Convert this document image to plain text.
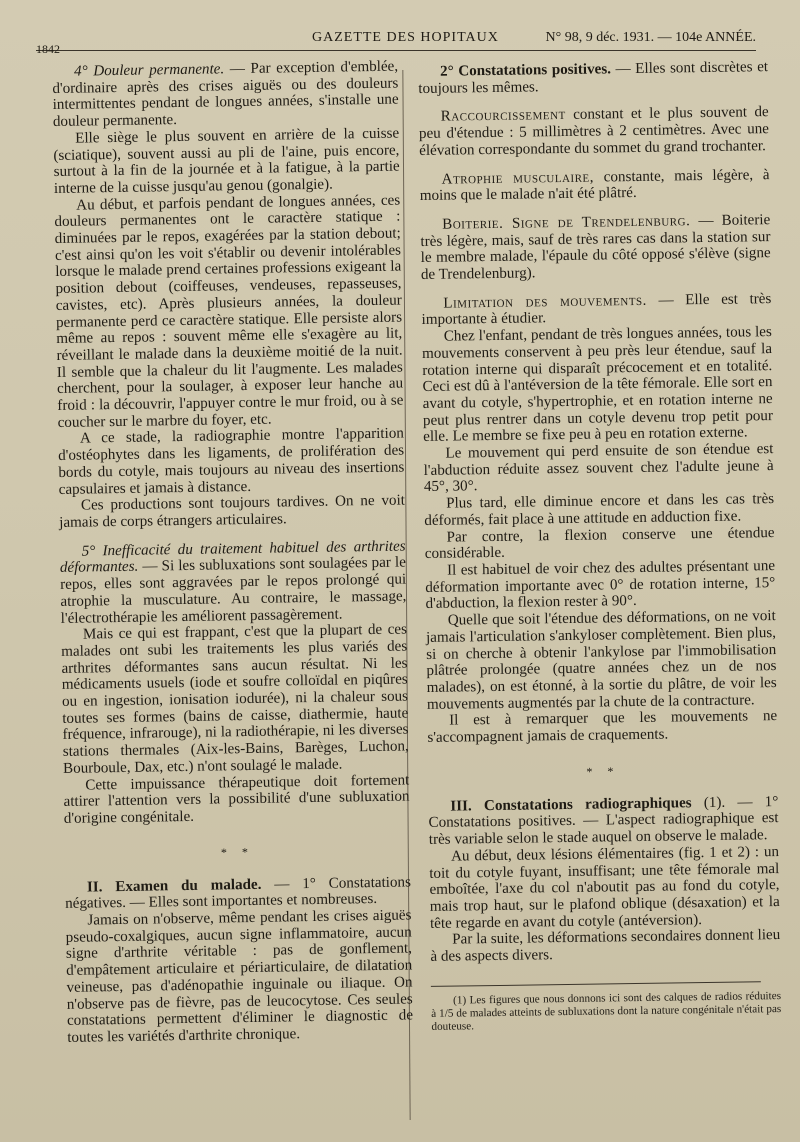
1842
GAZETTE DES HOPITAUX	N° 98, 9 déc. 1931. — 104e ANNÉE.

4° Douleur permanente. — Par exception d'emblée, d'ordinaire après des crises aiguës ou des douleurs intermittentes pendant de longues années, s'installe une douleur permanente.

Elle siège le plus souvent en arrière de la cuisse (sciatique), souvent aussi au pli de l'aine, puis encore, surtout à la fin de la journée et à la fatigue, à la partie interne de la cuisse jusqu'au genou (gonalgie).

Au début, et parfois pendant de longues années, ces douleurs permanentes ont le caractère statique : diminuées par le repos, exagérées par la station debout; c'est ainsi qu'on les voit s'établir ou devenir intolérables lorsque le malade prend certaines professions exigeant la position debout (coiffeuses, vendeuses, repasseuses, cavistes, etc). Après plusieurs années, la douleur permanente perd ce caractère statique. Elle persiste alors même au repos : souvent même elle s'exagère au lit, réveillant le malade dans la deuxième moitié de la nuit. Il semble que la chaleur du lit l'augmente. Les malades cherchent, pour la soulager, à exposer leur hanche au froid : la découvrir, l'appuyer contre le mur froid, ou à se coucher sur le marbre du foyer, etc.

A ce stade, la radiographie montre l'apparition d'ostéophytes dans les ligaments, de prolifération des bords du cotyle, mais toujours au niveau des insertions capsulaires et jamais à distance.

Ces productions sont toujours tardives. On ne voit jamais de corps étrangers articulaires.

5° Inefficacité du traitement habituel des arthrites déformantes. — Si les subluxations sont soulagées par le repos, elles sont aggravées par le repos prolongé qui atrophie la musculature. Au contraire, le massage, l'électrothérapie les améliorent passagèrement.

Mais ce qui est frappant, c'est que la plupart de ces malades ont subi les traitements les plus variés des arthrites déformantes sans aucun résultat. Ni les médicaments usuels (iode et soufre colloïdal en piqûres ou en ingestion, ionisation iodurée), ni la chaleur sous toutes ses formes (bains de caisse, diathermie, haute fréquence, infrarouge), ni la radiothérapie, ni les diverses stations thermales (Aix-les-Bains, Barèges, Luchon, Bourboule, Dax, etc.) n'ont soulagé le malade.

Cette impuissance thérapeutique doit fortement attirer l'attention vers la possibilité d'une subluxation d'origine congénitale.

* *

II. Examen du malade. — 1° Constatations négatives. — Elles sont importantes et nombreuses.

Jamais on n'observe, même pendant les crises aiguës pseudo-coxalgiques, aucun signe inflammatoire, aucun signe d'arthrite véritable : pas de gonflement, d'empâtement articulaire et périarticulaire, de dilatation veineuse, pas d'adénopathie inguinale ou iliaque. On n'observe pas de fièvre, pas de leucocytose. Ces seules constatations permettent d'éliminer le diagnostic de toutes les variétés d'arthrite chronique.

2° Constatations positives. — Elles sont discrètes et toujours les mêmes.

Raccourcissement constant et le plus souvent de peu d'étendue : 5 millimètres à 2 centimètres. Avec une élévation correspondante du sommet du grand trochanter.

Atrophie musculaire, constante, mais légère, à moins que le malade n'ait été plâtré.

Boiterie. Signe de Trendelenburg. — Boiterie très légère, mais, sauf de très rares cas dans la station sur le membre malade, l'épaule du côté opposé s'élève (signe de Trendelenburg).

Limitation des mouvements. — Elle est très importante à étudier.

Chez l'enfant, pendant de très longues années, tous les mouvements conservent à peu près leur étendue, sauf la rotation interne qui disparaît précocement et en totalité. Ceci est dû à l'antéversion de la tête fémorale. Elle sort en avant du cotyle, s'hypertrophie, et en rotation interne ne peut plus rentrer dans un cotyle devenu trop petit pour elle. Le membre se fixe peu à peu en rotation externe.

Le mouvement qui perd ensuite de son étendue est l'abduction réduite assez souvent chez l'adulte jeune à 45°, 30°.

Plus tard, elle diminue encore et dans les cas très déformés, fait place à une attitude en adduction fixe.

Par contre, la flexion conserve une étendue considérable.

Il est habituel de voir chez des adultes présentant une déformation importante avec 0° de rotation interne, 15° d'abduction, la flexion rester à 90°.

Quelle que soit l'étendue des déformations, on ne voit jamais l'articulation s'ankyloser complètement. Bien plus, si on cherche à obtenir l'ankylose par l'immobilisation plâtrée prolongée (quatre années chez un de nos malades), on est étonné, à la sortie du plâtre, de voir les mouvements augmentés par la chute de la contracture.

Il est à remarquer que les mouvements ne s'accompagnent jamais de craquements.

* *

III. Constatations radiographiques (1). — 1° Constatations positives. — L'aspect radiographique est très variable selon le stade auquel on observe le malade.

Au début, deux lésions élémentaires (fig. 1 et 2) : un toit du cotyle fuyant, insuffisant; une tête fémorale mal emboîtée, l'axe du col n'aboutit pas au fond du cotyle, mais trop haut, sur le plafond oblique (désaxation) et la tête regarde en avant du cotyle (antéversion).

Par la suite, les déformations secondaires donnent lieu à des aspects divers.

(1) Les figures que nous donnons ici sont des calques de radios réduites à 1/5 de malades atteints de subluxations dont la nature congénitale n'était pas douteuse.
